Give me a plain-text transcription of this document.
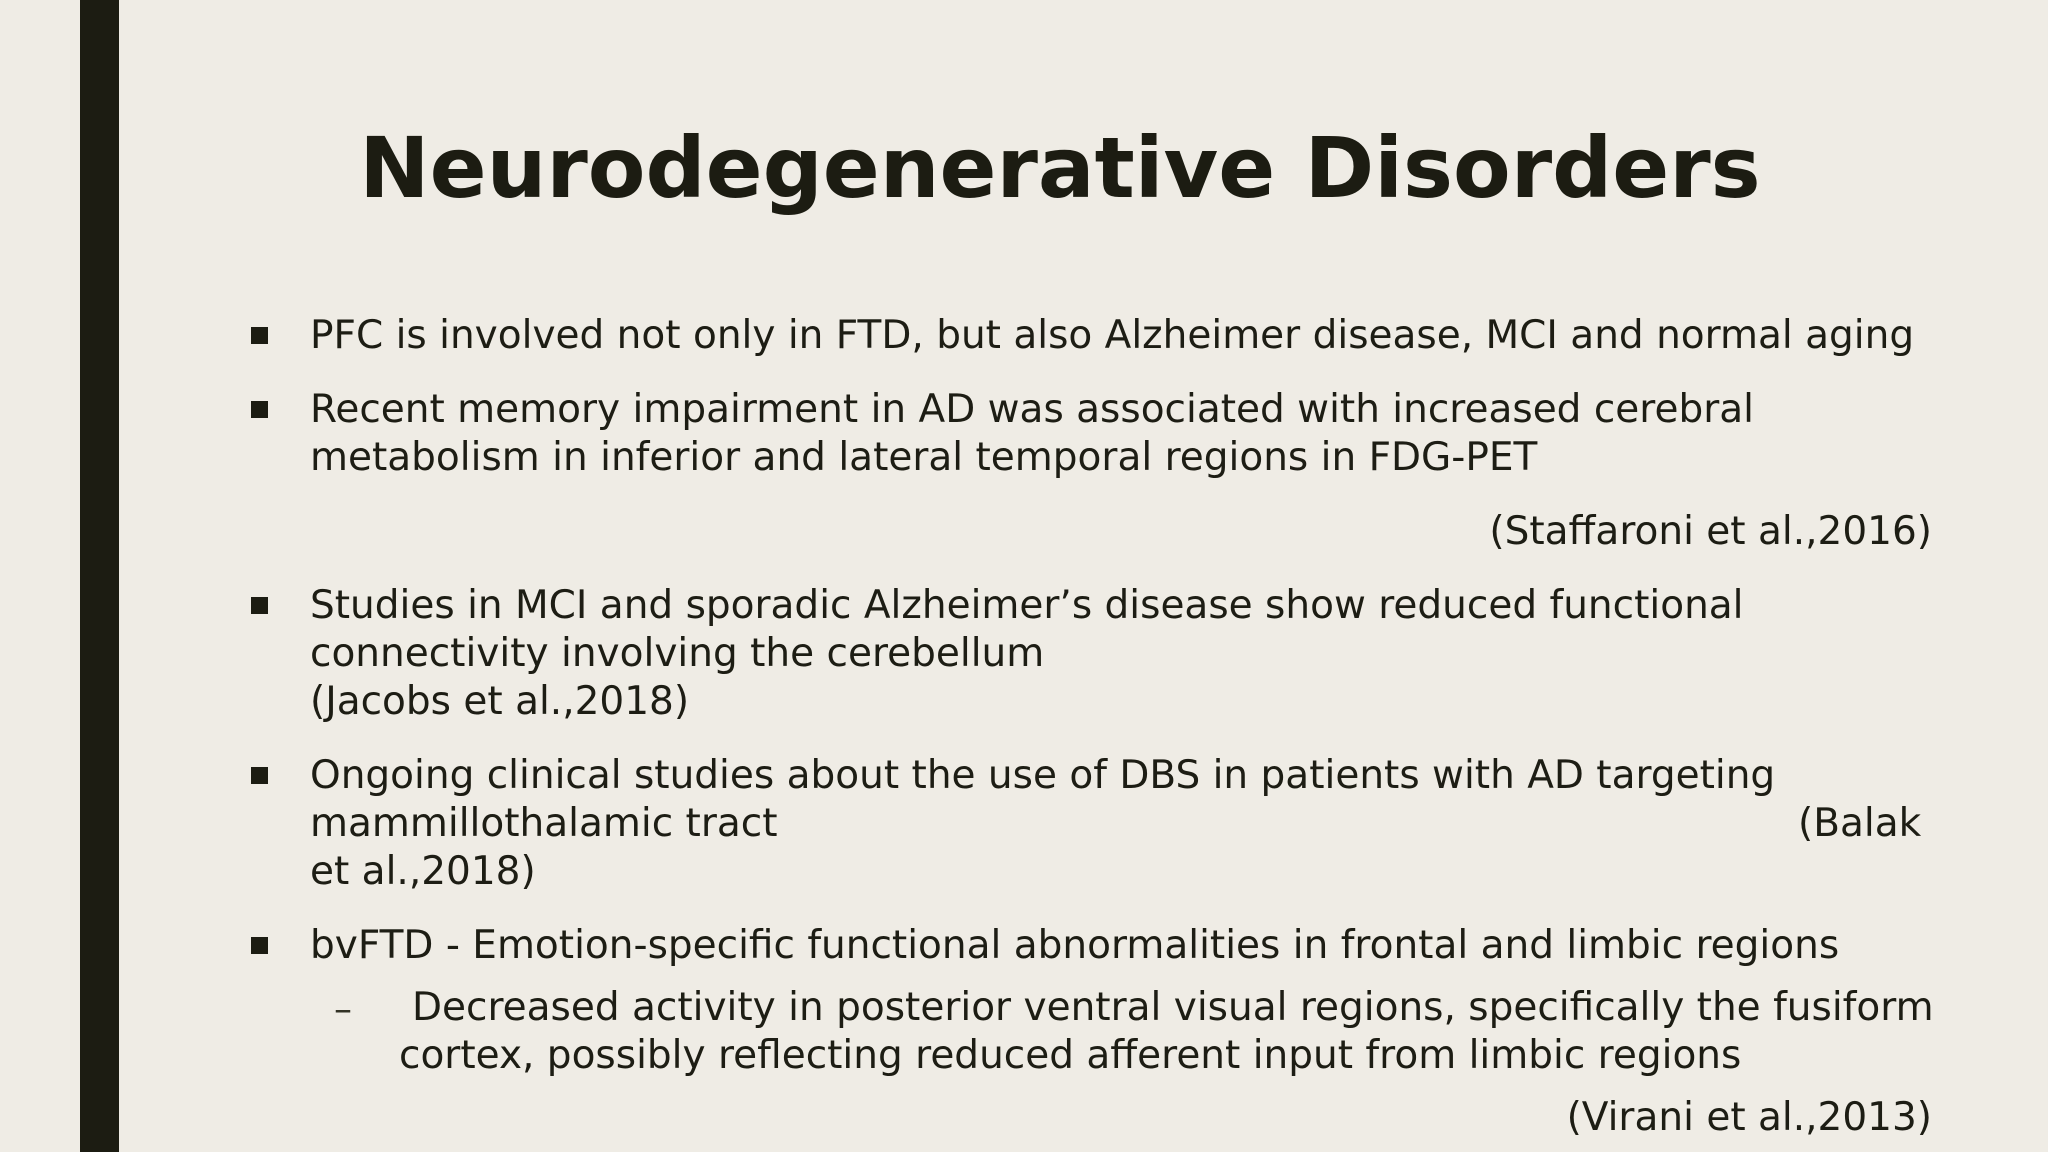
Neurodegenerative Disorders
PFC is involved not only in FTD, but also Alzheimer disease, MCI and normal aging
Recent memory impairment in AD was associated with increased cerebral
metabolism in inferior and lateral temporal regions in FDG-PET
(Staffaroni et al.,2016)
Studies in MCI and sporadic Alzheimer’s disease show reduced functional
connectivity involving the cerebellum
(Jacobs et al.,2018)
Ongoing clinical studies about the use of DBS in patients with AD targeting
mammillothalamic tract	(Balak
et al.,2018)
bvFTD - Emotion-specific functional abnormalities in frontal and limbic regions
– Decreased activity in posterior ventral visual regions, specifically the fusiform
cortex, possibly reflecting reduced afferent input from limbic regions
(Virani et al.,2013)
